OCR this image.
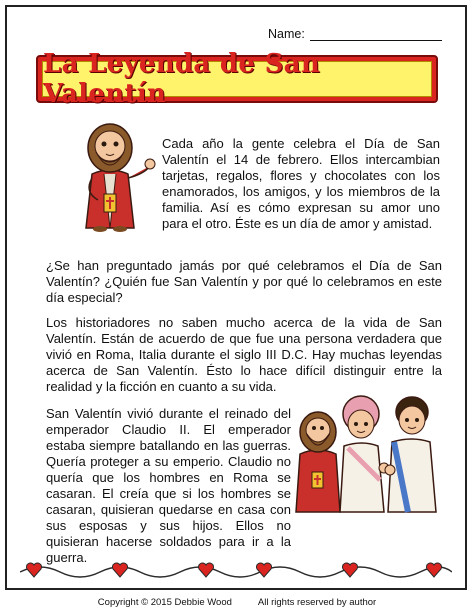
Name:
La Leyenda de San Valentín

Cada año la gente celebra el Día de San Valentín el 14 de febrero. Ellos intercambian tarjetas, regalos, flores y chocolates con los enamorados, los amigos, y los miembros de la familia. Así es cómo expresan su amor uno para el otro. Éste es un día de amor y amistad.

¿Se han preguntado jamás por qué celebramos el Día de San Valentín? ¿Quién fue San Valentín y por qué lo celebramos en este día especial?

Los historiadores no saben mucho acerca de la vida de San Valentín. Están de acuerdo de que fue una persona verdadera que vivió en Roma, Italia durante el siglo III D.C. Hay muchas leyendas acerca de San Valentín. Ésto lo hace difícil distinguir entre la realidad y la ficción en cuanto a su vida.

San Valentín vivió durante el reinado del emperador Claudio II. El emperador estaba siempre batallando en las guerras. Quería proteger a su emperio. Claudio no quería que los hombres en Roma se casaran. El creía que si los hombres se casaran, quisieran quedarse en casa con sus esposas y sus hijos. Ellos no quisieran hacerse soldados para ir a la guerra.

Copyright © 2015 Debbie Wood	All rights reserved by author
